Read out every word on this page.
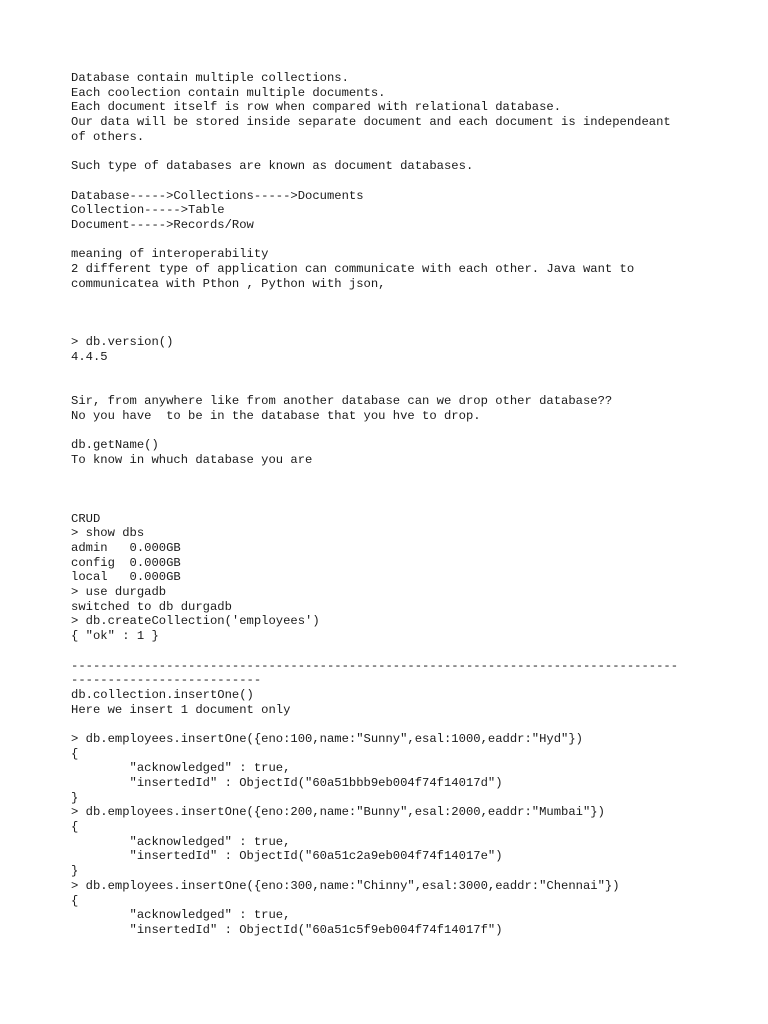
Database contain multiple collections.
Each coolection contain multiple documents.
Each document itself is row when compared with relational database.
Our data will be stored inside separate document and each document is independeant
of others.
Such type of databases are known as document databases.
Database----->Collections----->Documents
Collection----->Table
Document----->Records/Row
meaning of interoperability
2 different type of application can communicate with each other. Java want to
communicatea with Pthon , Python with json,
> db.version()
4.4.5
Sir, from anywhere like from another database can we drop other database??
No you have  to be in the database that you hve to drop.
db.getName()
To know in whuch database you are
CRUD
> show dbs
admin   0.000GB
config  0.000GB
local   0.000GB
> use durgadb
switched to db durgadb
> db.createCollection('employees')
{ "ok" : 1 }
-----------------------------------------------------------------------------------
--------------------------
db.collection.insertOne()
Here we insert 1 document only
> db.employees.insertOne({eno:100,name:"Sunny",esal:1000,eaddr:"Hyd"})
{
"acknowledged" : true,
"insertedId" : ObjectId("60a51bbb9eb004f74f14017d")
}
> db.employees.insertOne({eno:200,name:"Bunny",esal:2000,eaddr:"Mumbai"})
{
"acknowledged" : true,
"insertedId" : ObjectId("60a51c2a9eb004f74f14017e")
}
> db.employees.insertOne({eno:300,name:"Chinny",esal:3000,eaddr:"Chennai"})
{
"acknowledged" : true,
"insertedId" : ObjectId("60a51c5f9eb004f74f14017f")
